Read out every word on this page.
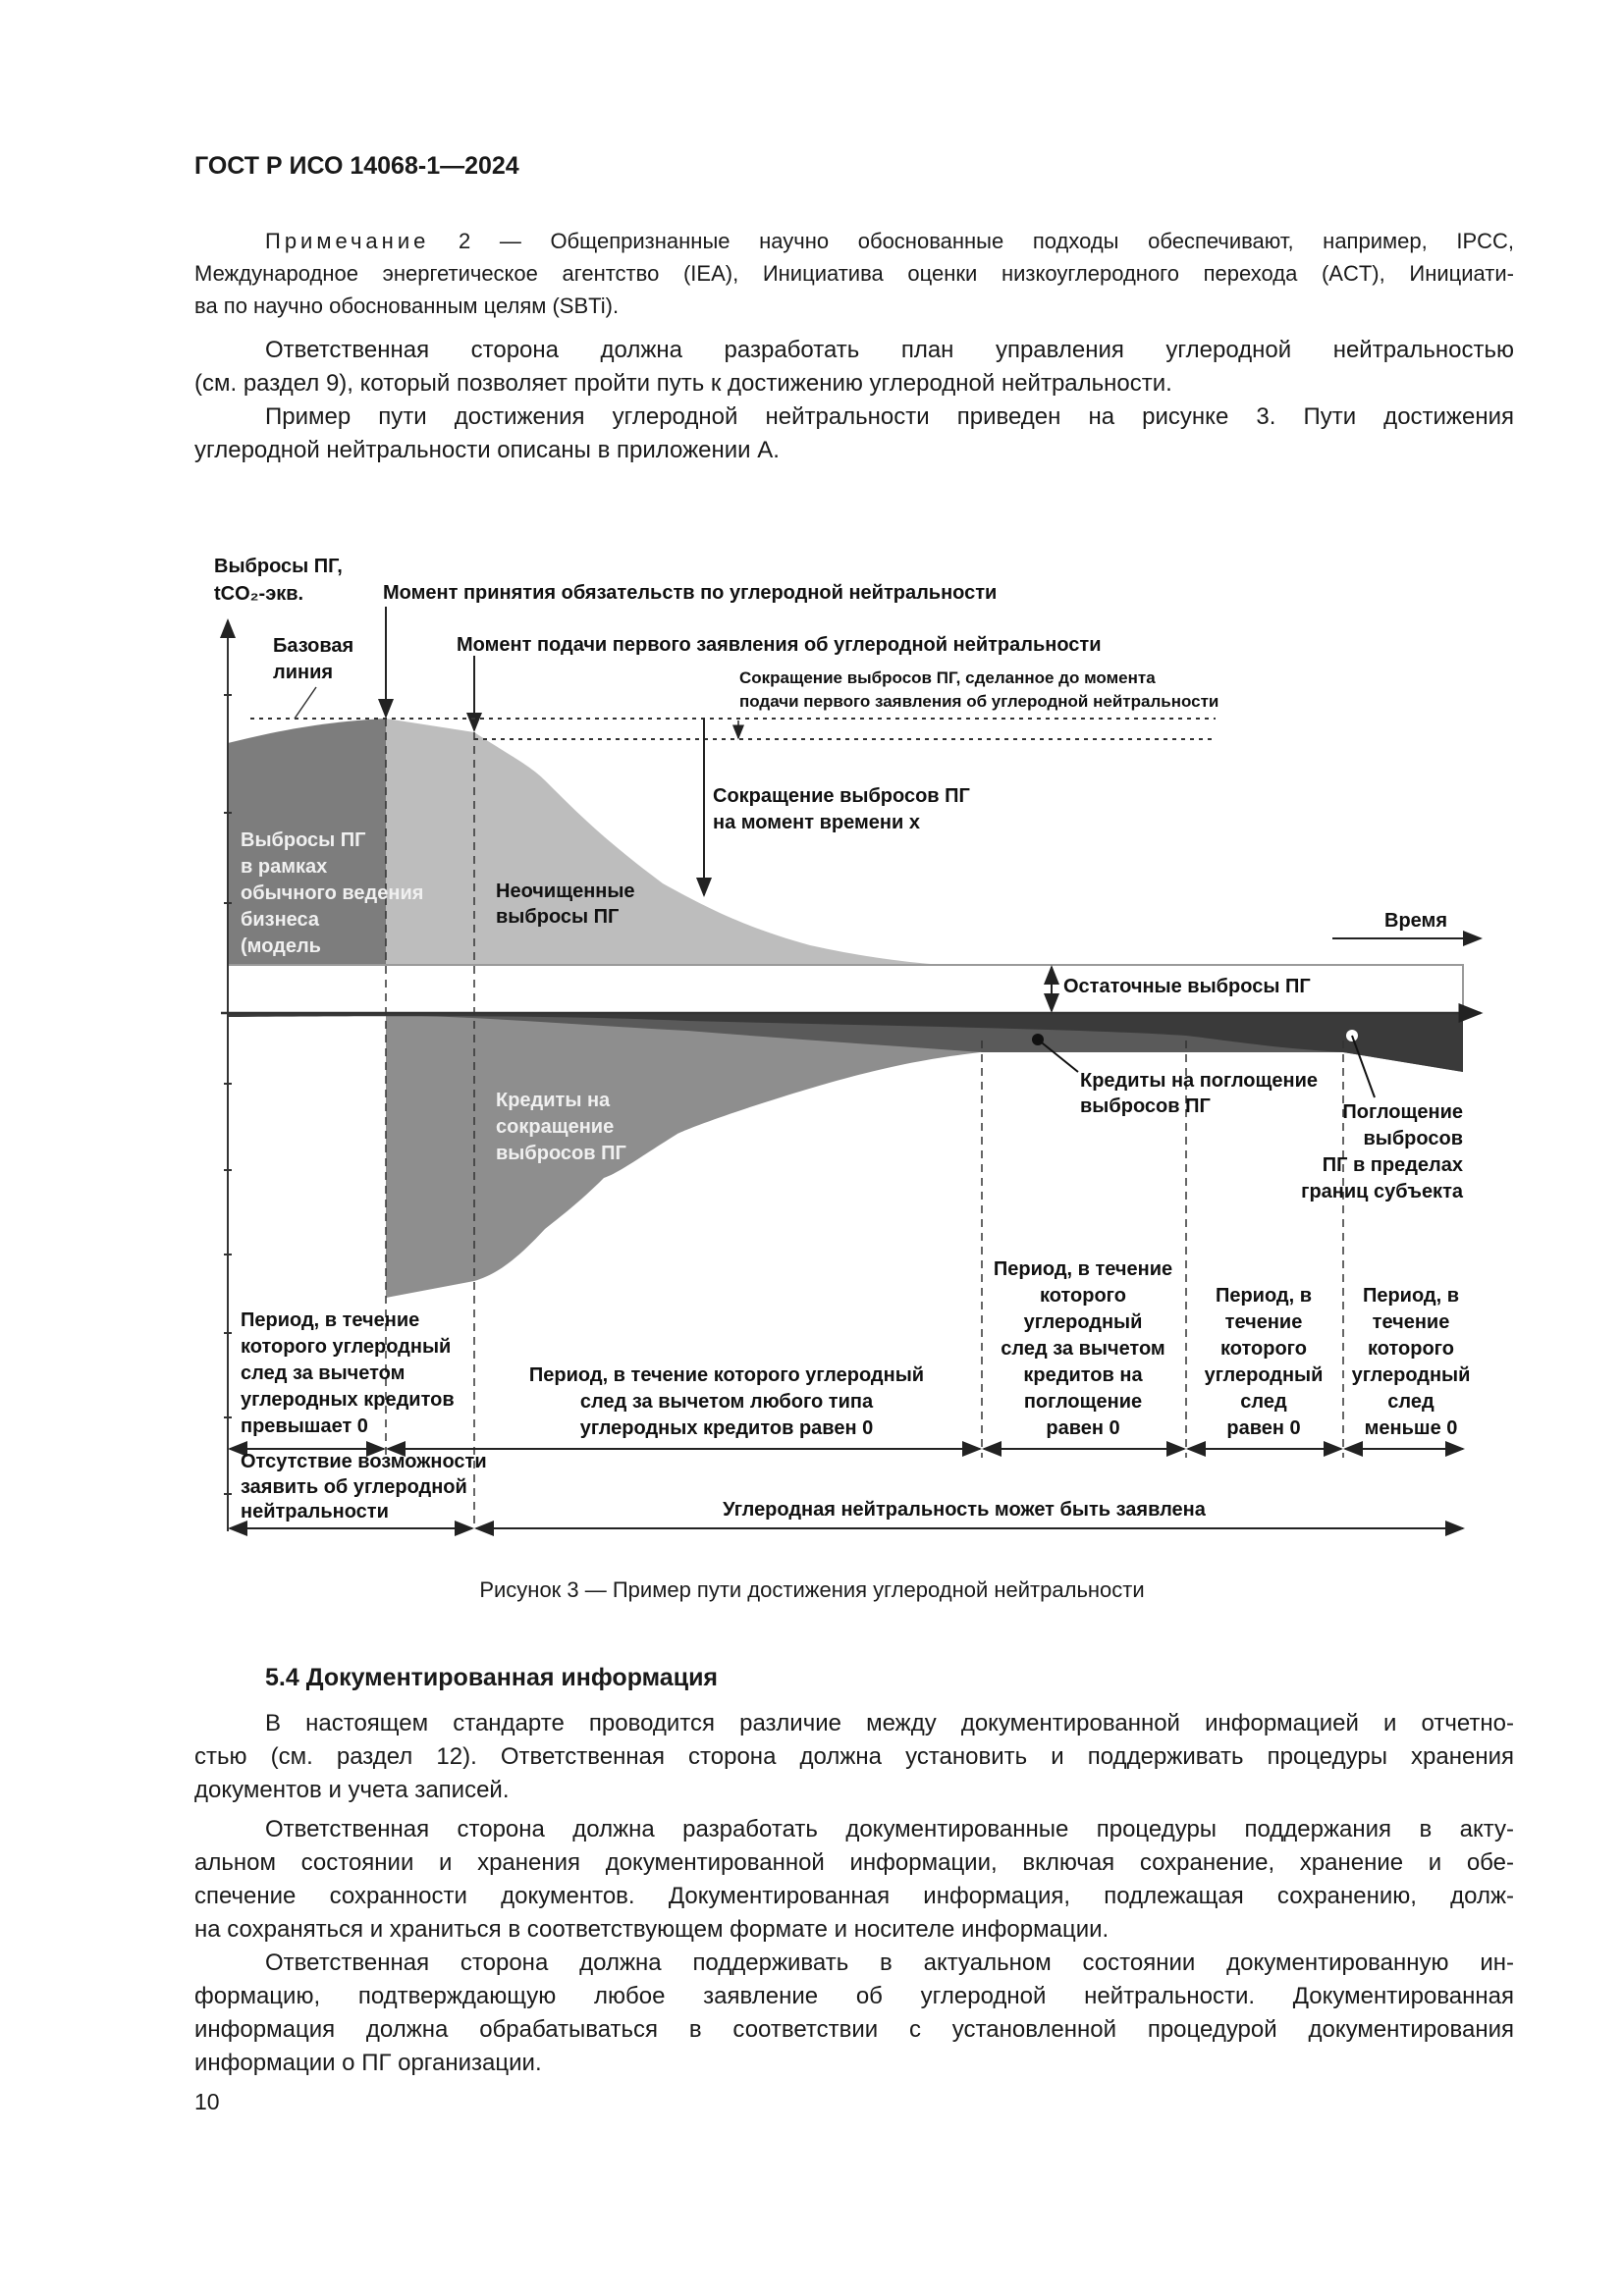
ГОСТ Р ИСО 14068-1—2024
Примечание 2 — Общепризнанные научно обоснованные подходы обеспечивают, например, IPCC,
Международное энергетическое агентство (IEA), Инициатива оценки низкоуглеродного перехода (ACT), Инициати-
ва по научно обоснованным целям (SBTi).
Ответственная сторона должна разработать план управления углеродной нейтральностью
(см. раздел 9), который позволяет пройти путь к достижению углеродной нейтральности.
Пример пути достижения углеродной нейтральности приведен на рисунке 3. Пути достижения
углеродной нейтральности описаны в приложении А.
Выбросы ПГ,
tCO₂-экв.	Момент принятия обязательств по углеродной нейтральности
Базовая
линия
Момент подачи первого заявления об углеродной нейтральности
Сокращение выбросов ПГ, сделанное до момента
подачи первого заявления об углеродной нейтральности
Сокращение выбросов ПГ
на момент времени x
Выбросы ПГ
в рамках
обычного ведения
бизнеса
(модель
Неочищенные
выбросы ПГ	Время
Остаточные выбросы ПГ
Кредиты на
сокращение
выбросов ПГ
Кредиты на поглощение
выбросов ПГ	Поглощение
выбросов
ПГ в пределах
границ субъекта
Период, в течение
которого углеродный
след за вычетом
углеродных кредитов
превышает 0
Период, в течение которого углеродный
след за вычетом любого типа
углеродных кредитов равен 0
Период, в течение
которого
углеродный
след за вычетом
кредитов на
поглощение
равен 0
Период, в
течение
которого
углеродный
след
равен 0
Период, в
течение
которого
углеродный
след
меньше 0
Отсутствие возможности
заявить об углеродной
нейтральности	Углеродная нейтральность может быть заявлена
Рисунок 3 — Пример пути достижения углеродной нейтральности
5.4 Документированная информация
В настоящем стандарте проводится различие между документированной информацией и отчетно-
стью (см. раздел 12). Ответственная сторона должна установить и поддерживать процедуры хранения
документов и учета записей.
Ответственная сторона должна разработать документированные процедуры поддержания в акту-
альном состоянии и хранения документированной информации, включая сохранение, хранение и обе-
спечение сохранности документов. Документированная информация, подлежащая сохранению, долж-
на сохраняться и храниться в соответствующем формате и носителе информации.
Ответственная сторона должна поддерживать в актуальном состоянии документированную ин-
формацию, подтверждающую любое заявление об углеродной нейтральности. Документированная
информация должна обрабатываться в соответствии с установленной процедурой документирования
информации о ПГ организации.
10
